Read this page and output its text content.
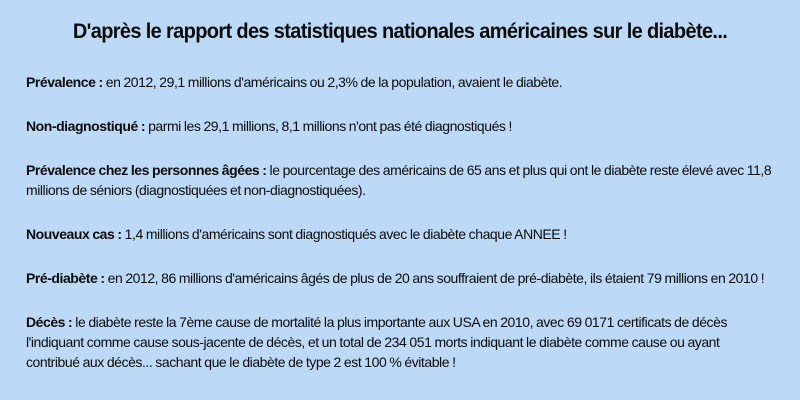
D'après le rapport des statistiques nationales américaines sur le diabète...

Prévalence : en 2012, 29,1 millions d'américains ou 2,3% de la population, avaient le diabète.

Non-diagnostiqué : parmi les 29,1 millions, 8,1 millions n'ont pas été diagnostiqués !

Prévalence chez les personnes âgées : le pourcentage des américains de 65 ans et plus qui ont le diabète reste élevé avec 11,8 millions de séniors (diagnostiquées et non-diagnostiquées).

Nouveaux cas : 1,4 millions d'américains sont diagnostiqués avec le diabète chaque ANNEE !

Pré-diabète : en 2012, 86 millions d'américains âgés de plus de 20 ans souffraient de pré-diabète, ils étaient 79 millions en 2010 !

Décès : le diabète reste la 7ème cause de mortalité la plus importante aux USA en 2010, avec 69 0171 certificats de décès l'indiquant comme cause sous-jacente de décès, et un total de 234 051 morts indiquant le diabète comme cause ou ayant contribué aux décès... sachant que le diabète de type 2 est 100 % évitable !
